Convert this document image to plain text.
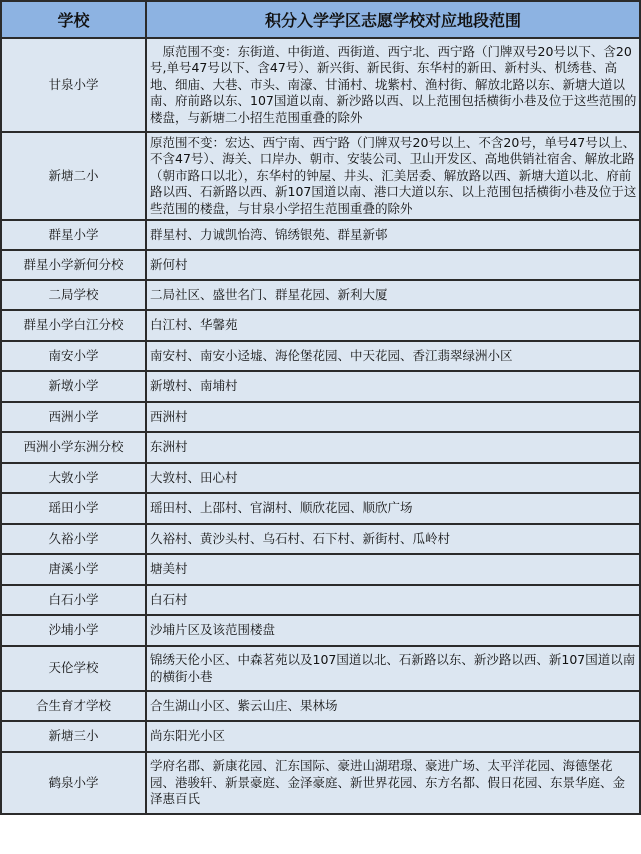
学校	积分入学学区志愿学校对应地段范围
甘泉小学	　原范围不变：东街道、中街道、西街道、西宁北、西宁路（门牌双号20号以下、含20号,单号47号以下、含47号）、新兴街、新民街、东华村的新田、新村头、机绣巷、高地、细庙、大巷、市头、南濠、甘涌村、垅紫村、渔村街、解放北路以东、新塘大道以南、府前路以东、107国道以南、新沙路以西、以上范围包括横街小巷及位于这些范围的楼盘，与新塘二小招生范围重叠的除外
新塘二小	原范围不变：宏达、西宁南、西宁路（门牌双号20号以上、不含20号，单号47号以上、不含47号）、海关、口岸办、朝市、安装公司、卫山开发区、高地供销社宿舍、解放北路（朝市路口以北），东华村的钟屋、井头、汇美居委、解放路以西、新塘大道以北、府前路以西、石新路以西、新107国道以南、港口大道以东、以上范围包括横街小巷及位于这些范围的楼盘，与甘泉小学招生范围重叠的除外
群星小学	群星村、力诚凯怡湾、锦绣银苑、群星新邨
群星小学新何分校	新何村
二局学校	二局社区、盛世名门、群星花园、新利大厦
群星小学白江分校	白江村、华馨苑
南安小学	南安村、南安小迳墟、海伦堡花园、中天花园、香江翡翠绿洲小区
新墩小学	新墩村、南埔村
西洲小学	西洲村
西洲小学东洲分校	东洲村
大敦小学	大敦村、田心村
瑶田小学	瑶田村、上邵村、官湖村、顺欣花园、顺欣广场
久裕小学	久裕村、黄沙头村、乌石村、石下村、新街村、瓜岭村
唐溪小学	塘美村
白石小学	白石村
沙埔小学	沙埔片区及该范围楼盘
天伦学校	锦绣天伦小区、中森茗苑以及107国道以北、石新路以东、新沙路以西、新107国道以南的横街小巷
合生育才学校	合生湖山小区、紫云山庄、果林场
新塘三小	尚东阳光小区
鹤泉小学	学府名郡、新康花园、汇东国际、豪进山湖珺璟、豪进广场、太平洋花园、海德堡花园、港骏轩、新景豪庭、金泽豪庭、新世界花园、东方名都、假日花园、东景华庭、金泽惠百氏
